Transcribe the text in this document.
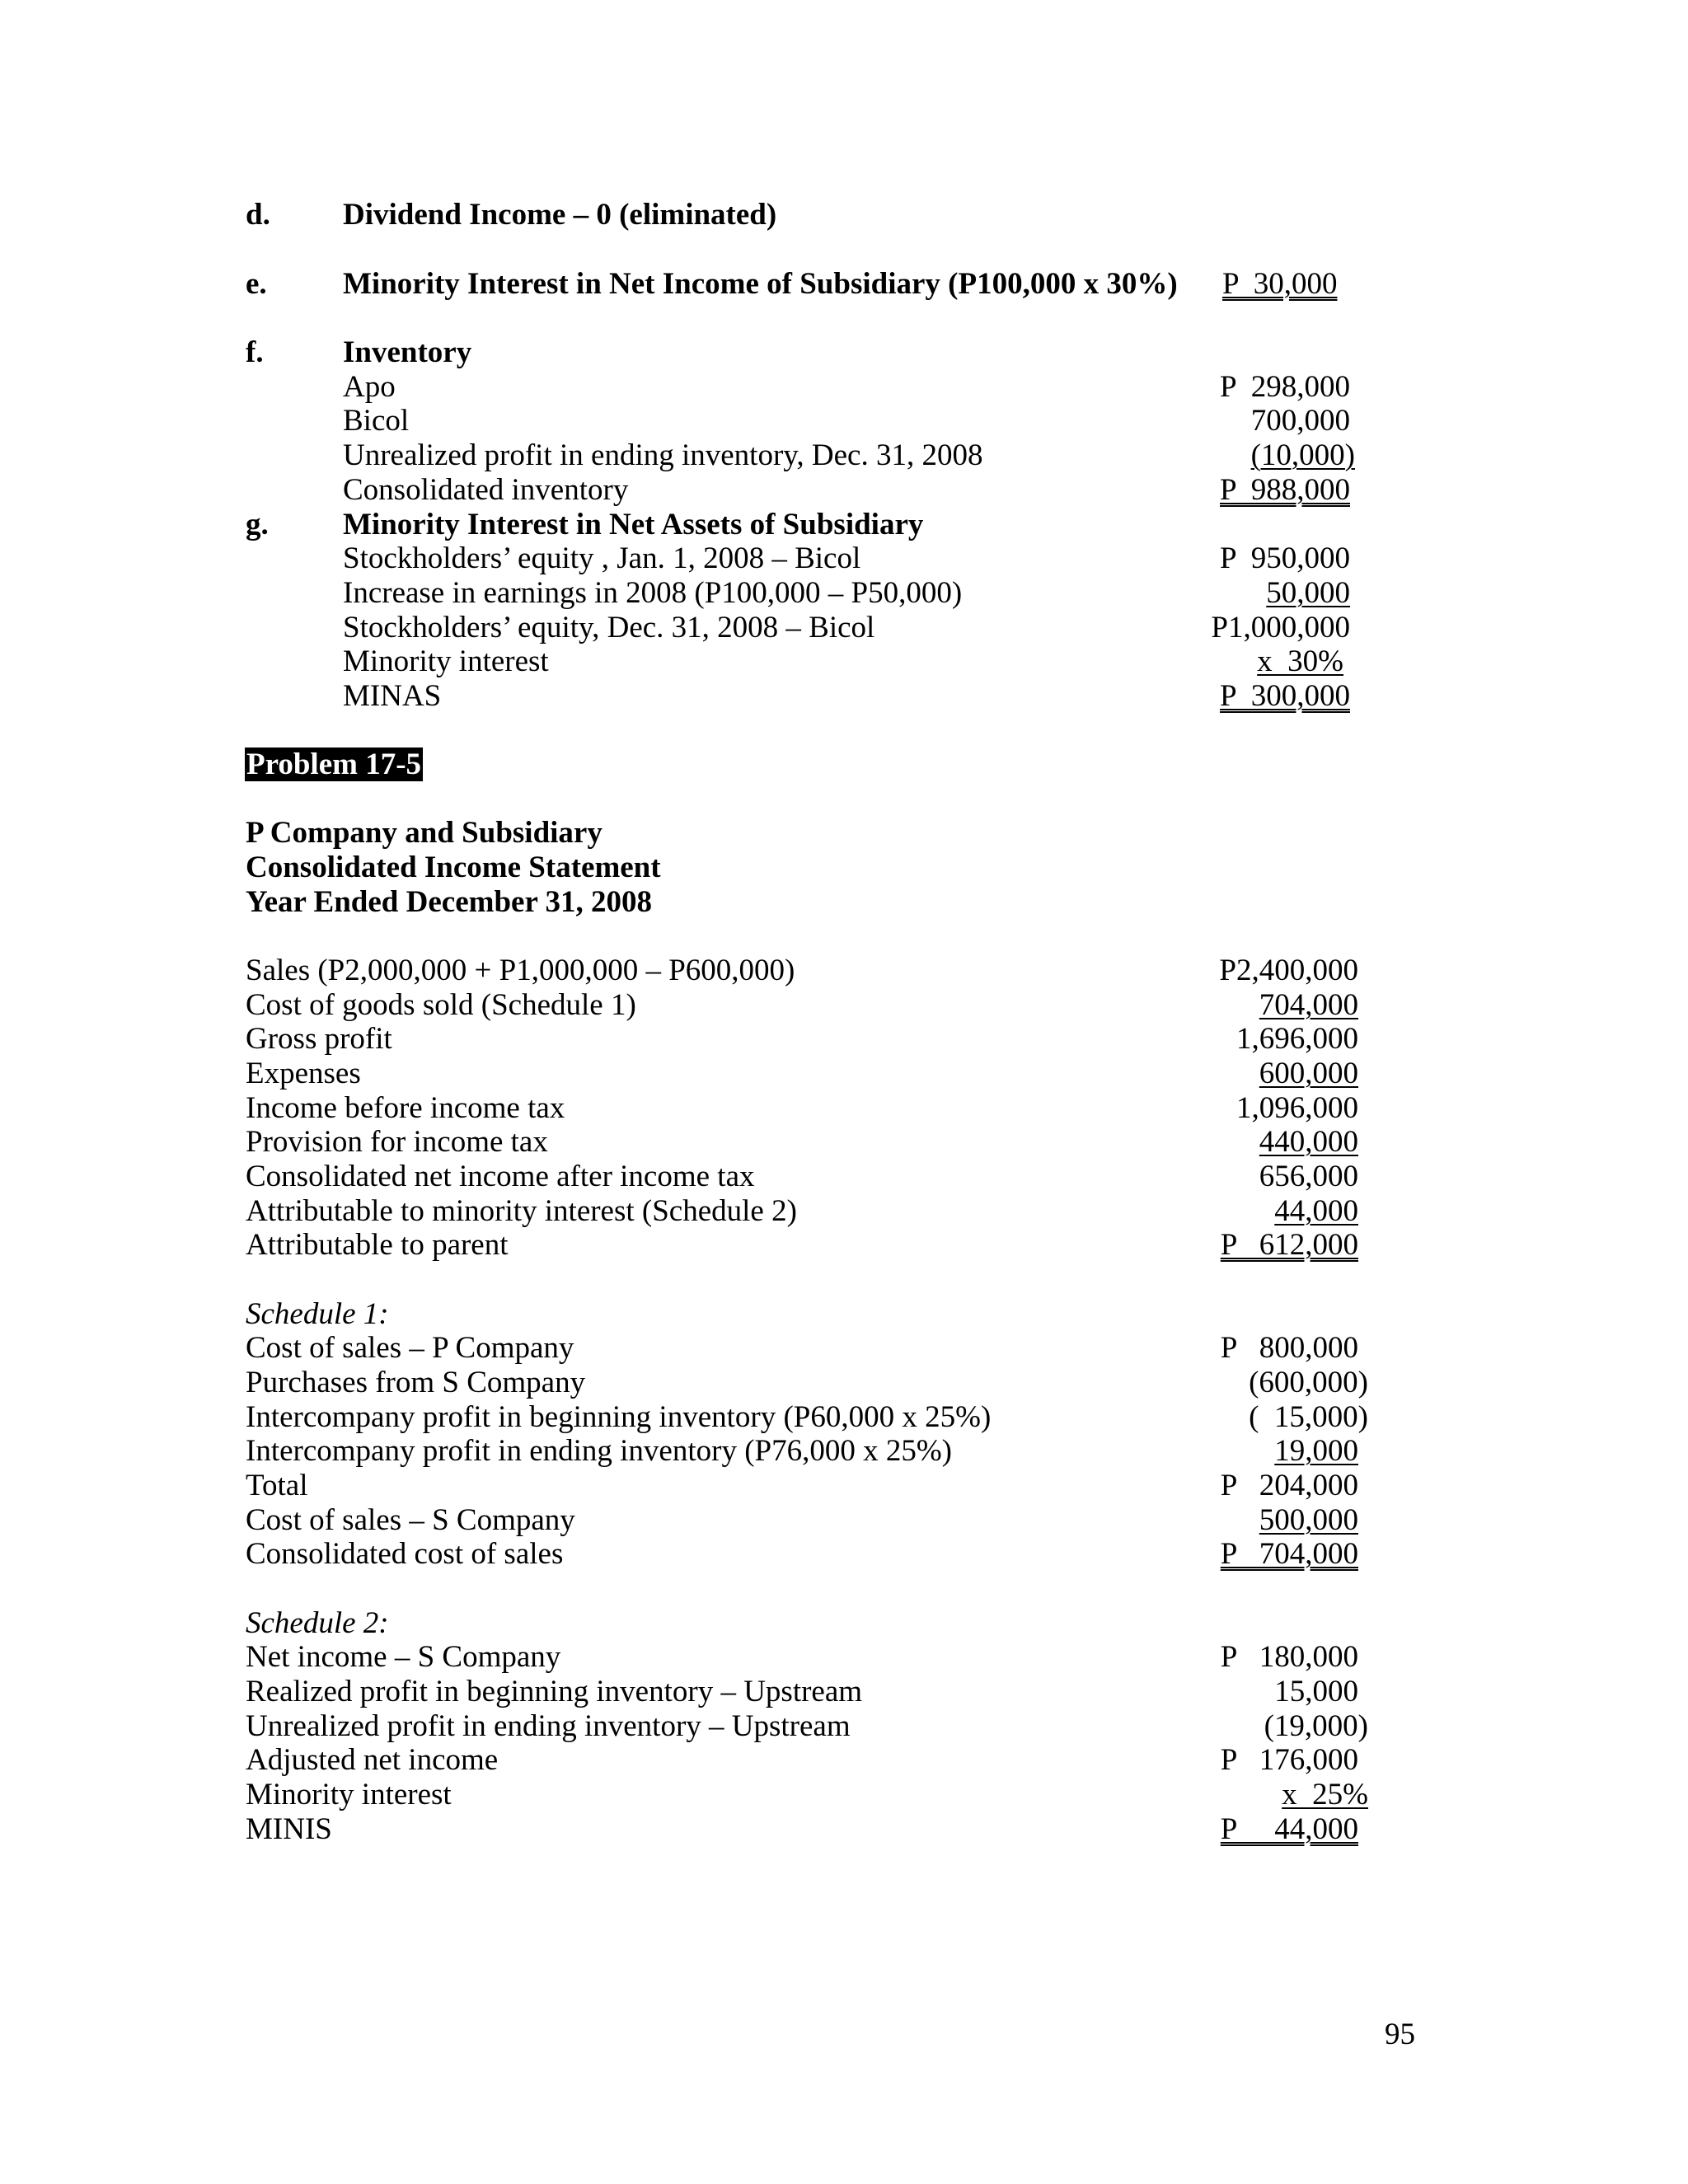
d. Dividend Income – 0 (eliminated)
e. Minority Interest in Net Income of Subsidiary (P100,000 x 30%) P  30,000
f.	Inventory
Apo	P  298,000
Bicol	700,000
Unrealized profit in ending inventory, Dec. 31, 2008	(10,000)
Consolidated inventory	P  988,000
g. Minority Interest in Net Assets of Subsidiary
Stockholders’ equity , Jan. 1, 2008 – Bicol	P  950,000
Increase in earnings in 2008 (P100,000 – P50,000)	50,000
Stockholders’ equity, Dec. 31, 2008 – Bicol	P1,000,000
Minority interest	x  30%
MINAS	P  300,000
Problem 17-5
P Company and Subsidiary
Consolidated Income Statement
Year Ended December 31, 2008
Sales (P2,000,000 + P1,000,000 – P600,000)	P2,400,000
Cost of goods sold (Schedule 1)	704,000
Gross profit	1,696,000
Expenses	600,000
Income before income tax	1,096,000
Provision for income tax	440,000
Consolidated net income after income tax	656,000
Attributable to minority interest (Schedule 2)	44,000
Attributable to parent	P   612,000
Schedule 1:
Cost of sales – P Company	P   800,000
Purchases from S Company	(600,000)
Intercompany profit in beginning inventory (P60,000 x 25%)	(  15,000)
Intercompany profit in ending inventory (P76,000 x 25%)	19,000
Total	P   204,000
Cost of sales – S Company	500,000
Consolidated cost of sales	P   704,000
Schedule 2:
Net income – S Company	P   180,000
Realized profit in beginning inventory – Upstream	15,000
Unrealized profit in ending inventory – Upstream	(19,000)
Adjusted net income	P   176,000
Minority interest	x  25%
MINIS	P     44,000
95
